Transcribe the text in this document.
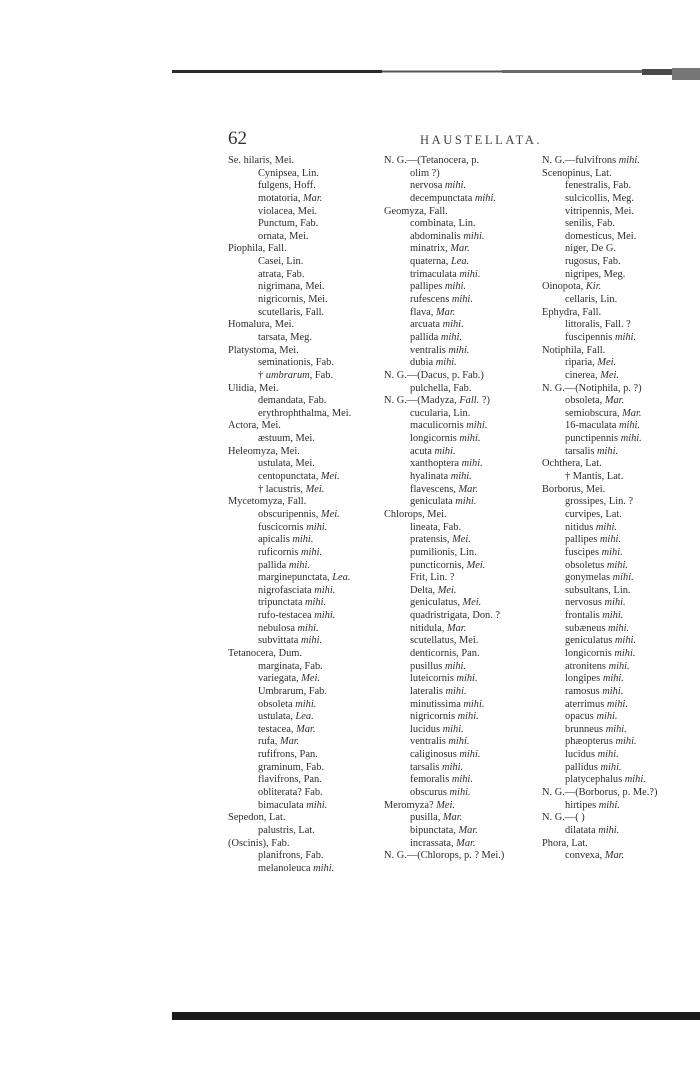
62	HAUSTELLATA.
Se. hilaris, Mei.
Cynipsea, Lin.
fulgens, Hoff.
motatoria, Mar.
violacea, Mei.
Punctum, Fab.
ornata, Mei.
Piophila, Fall.
Casei, Lin.
atrata, Fab.
nigrimana, Mei.
nigricornis, Mei.
scutellaris, Fall.
Homalura, Mei.
tarsata, Meg.
Platystoma, Mei.
seminationis, Fab.
† umbrarum, Fab.
Ulidia, Mei.
demandata, Fab.
erythrophthalma, Mei.
Actora, Mei.
æstuum, Mei.
Heleomyza, Mei.
ustulata, Mei.
centopunctata, Mei.
† lacustris, Mei.
Mycetomyza, Fall.
obscuripennis, Mei.
fuscicornis mihi.
apicalis mihi.
ruficornis mihi.
pallida mihi.
marginepunctata, Lea.
nigrofasciata mihi.
tripunctata mihi.
rufo-testacea mihi.
nebulosa mihi.
subvittata mihi.
Tetanocera, Dum.
marginata, Fab.
variegata, Mei.
Umbrarum, Fab.
obsoleta mihi.
ustulata, Lea.
testacea, Mar.
rufa, Mar.
rufifrons, Pan.
graminum, Fab.
flavifrons, Pan.
obliterata? Fab.
bimaculata mihi.
Sepedon, Lat.
palustris, Lat.
(Oscinis), Fab.
planifrons, Fab.
melanoleuca mihi.
N. G.—(Tetanocera, p.
olim ?)
nervosa mihi.
decempunctata mihi.
Geomyza, Fall.
combinata, Lin.
abdominalis mihi.
minatrix, Mar.
quaterna, Lea.
trimaculata mihi.
pallipes mihi.
rufescens mihi.
flava, Mar.
arcuata mihi.
pallida mihi.
ventralis mihi.
dubia mihi.
N. G.—(Dacus, p. Fab.)
pulchella, Fab.
N. G.—(Madyza, Fall. ?)
cucularia, Lin.
maculicornis mihi.
longicornis mihi.
acuta mihi.
xanthoptera mihi.
hyalinata mihi.
flavescens, Mar.
geniculata mihi.
Chlorops, Mei.
lineata, Fab.
pratensis, Mei.
pumilionis, Lin.
puncticornis, Mei.
Frit, Lin. ?
Delta, Mei.
geniculatus, Mei.
quadristrigata, Don. ?
nitidula, Mar.
scutellatus, Mei.
denticornis, Pan.
pusillus mihi.
luteicornis mihi.
lateralis mihi.
minutissima mihi.
nigricornis mihi.
lucidus mihi.
ventralis mihi.
caliginosus mihi.
tarsalis mihi.
femoralis mihi.
obscurus mihi.
Meromyza? Mei.
pusilla, Mar.
bipunctata, Mar.
incrassata, Mar.
N. G.—(Chlorops, p. ? Mei.)
N. G.—fulvifrons mihi.
Scenopinus, Lat.
fenestralis, Fab.
sulcicollis, Meg.
vitripennis, Mei.
senilis, Fab.
domesticus, Mei.
niger, De G.
rugosus, Fab.
nigripes, Meg.
Oinopota, Kir.
cellaris, Lin.
Ephydra, Fall.
littoralis, Fall. ?
fuscipennis mihi.
Notiphila, Fall.
riparia, Mei.
cinerea, Mei.
N. G.—(Notiphila, p. ?)
obsoleta, Mar.
semiobscura, Mar.
16-maculata mihi.
punctipennis mihi.
tarsalis mihi.
Ochthera, Lat.
† Mantis, Lat.
Borborus, Mei.
grossipes, Lin. ?
curvipes, Lat.
nitidus mihi.
pallipes mihi.
fuscipes mihi.
obsoletus mihi.
gonymelas mihi.
subsultans, Lin.
nervosus mihi.
frontalis mihi.
subæneus mihi.
geniculatus mihi.
longicornis mihi.
atronitens mihi.
longipes mihi.
ramosus mihi.
aterrimus mihi.
opacus mihi.
brunneus mihi.
phæopterus mihi.
lucidus mihi.
pallidus mihi.
platycephalus mihi.
N. G.—(Borborus, p. Me.?)
hirtipes mihi.
N. G.—( )
dilatata mihi.
Phora, Lat.
convexa, Mar.
